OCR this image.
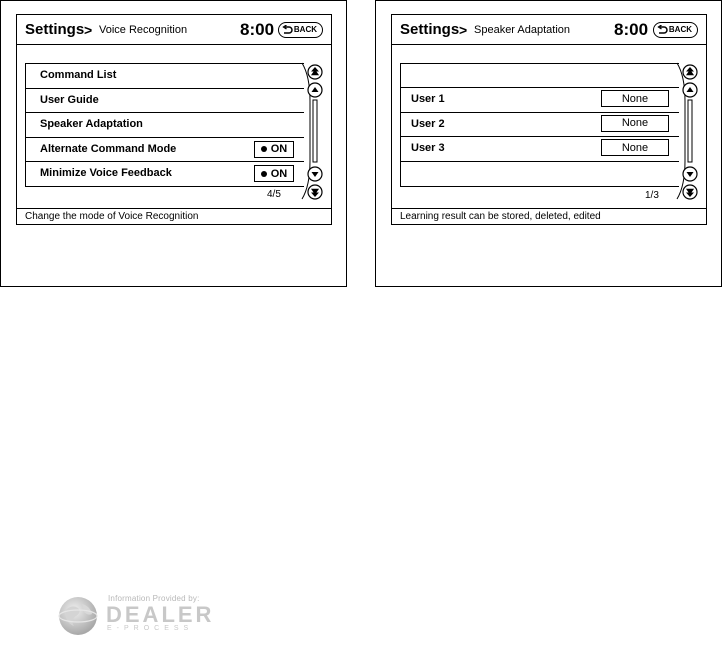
Settings > Voice Recognition	8:00 BACK
Command List
User Guide
Speaker Adaptation
Alternate Command Mode	ON
Minimize Voice Feedback	ON
4/5
Change the mode of Voice Recognition
Settings > Speaker Adaptation	8:00	BACK
User 1	None
User 2	None
User 3	None
1/3
Learning result can be stored, deleted, edited
Information Provided by:
DEALER
E-PROCESS
